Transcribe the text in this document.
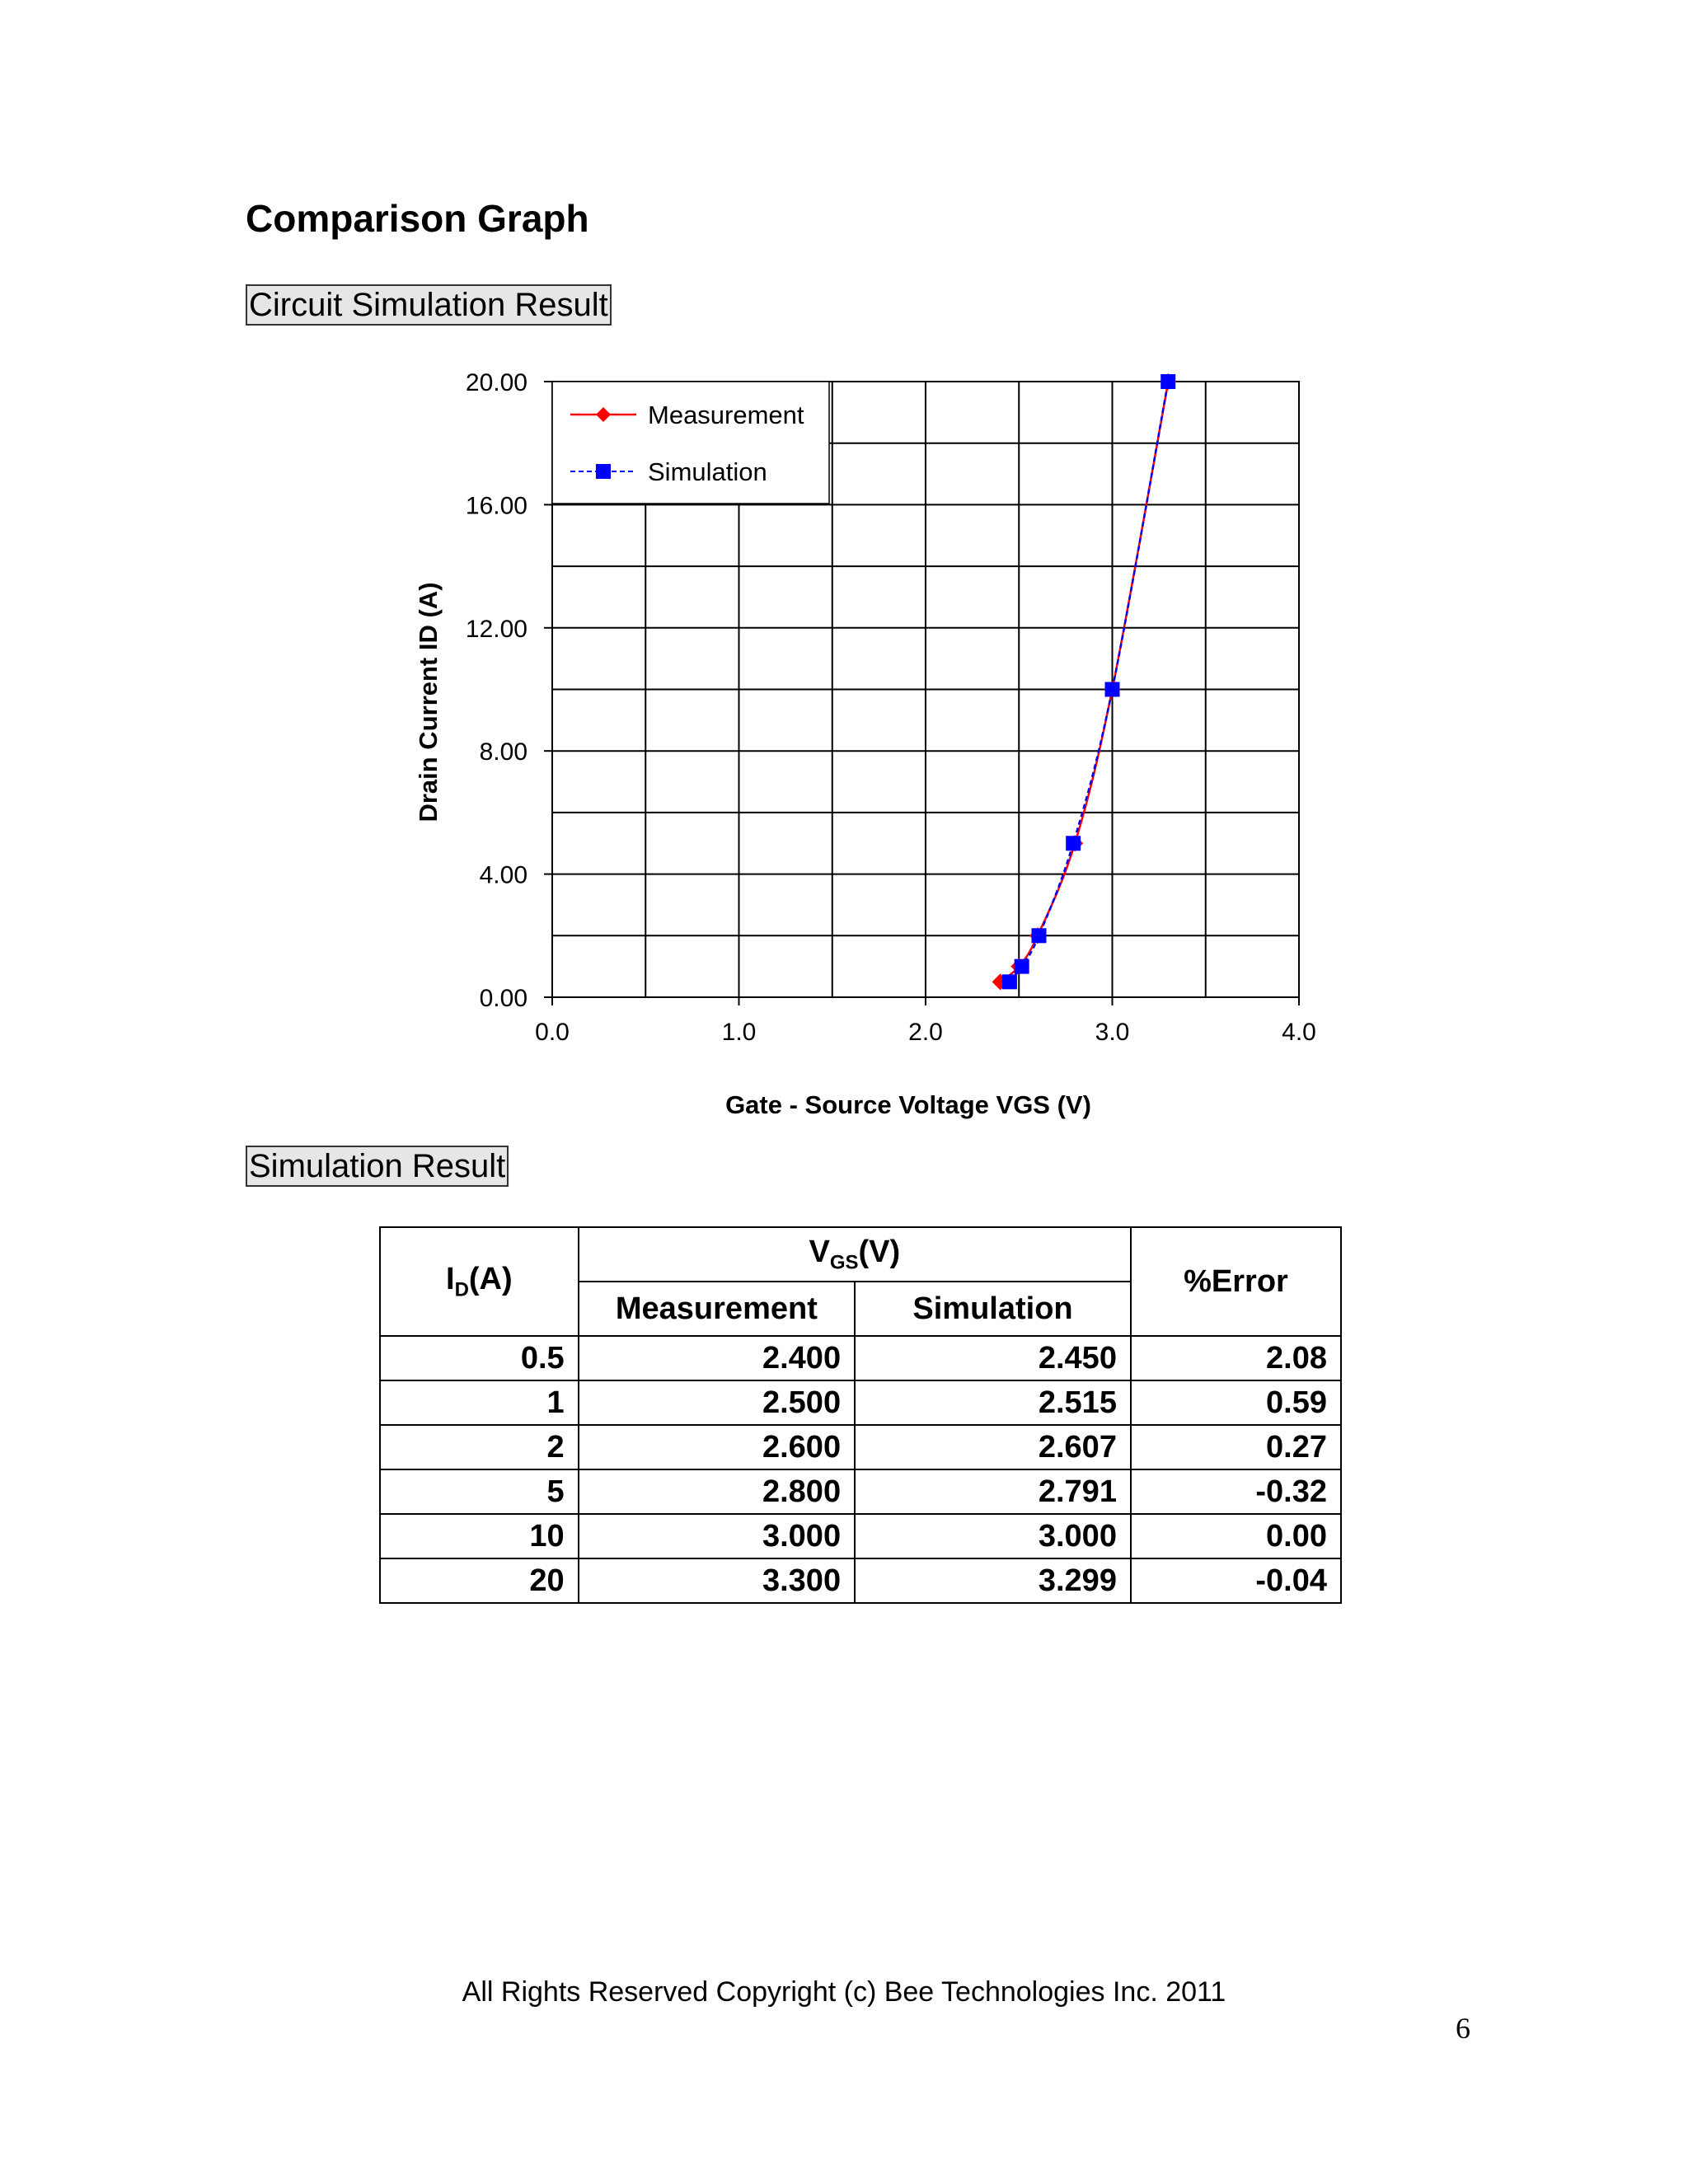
Comparison Graph
Circuit Simulation Result
0.0	1.0	2.0	3.0	4.0
0.00
4.00
8.00
12.00
16.00
20.00
Measurement
Simulation
Gate - Source Voltage VGS (V)
Drain Current ID (A)
Simulation Result
$I_D(A)$	$V_{GS}(V)$		%Error
	Measurement	Simulation	
0.5	2.400	2.450	2.08
1	2.500	2.515	0.59
2	2.600	2.607	0.27
5	2.800	2.791	-0.32
10	3.000	3.000	0.00
20	3.300	3.299	-0.04
All Rights Reserved Copyright (c) Bee Technologies Inc. 2011
6
